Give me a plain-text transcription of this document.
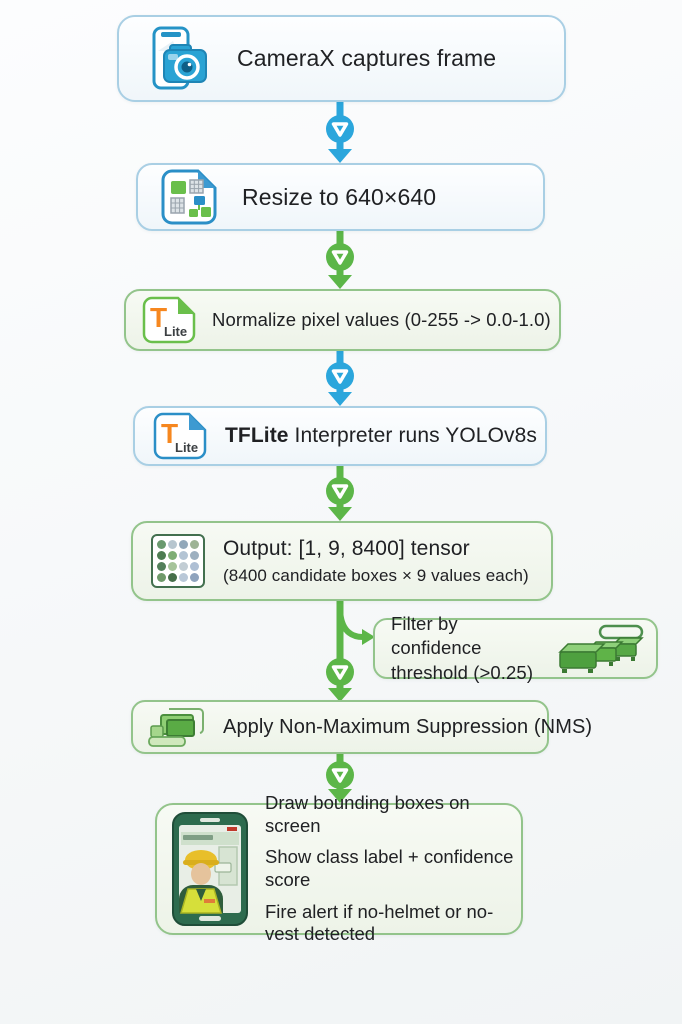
CameraX captures frame
Resize to 640×640
T
Lite
Normalize pixel values (0-255 -> 0.0-1.0)
T
Lite
TFLite Interpreter runs YOLOv8s
Output: [1, 9, 8400] tensor
(8400 candidate boxes × 9 values each)
Filter by confidence threshold (>0.25)
Apply Non-Maximum Suppression (NMS)
Draw bounding boxes on screen
Show class label + confidence score
Fire alert if no-helmet or no-vest detected
